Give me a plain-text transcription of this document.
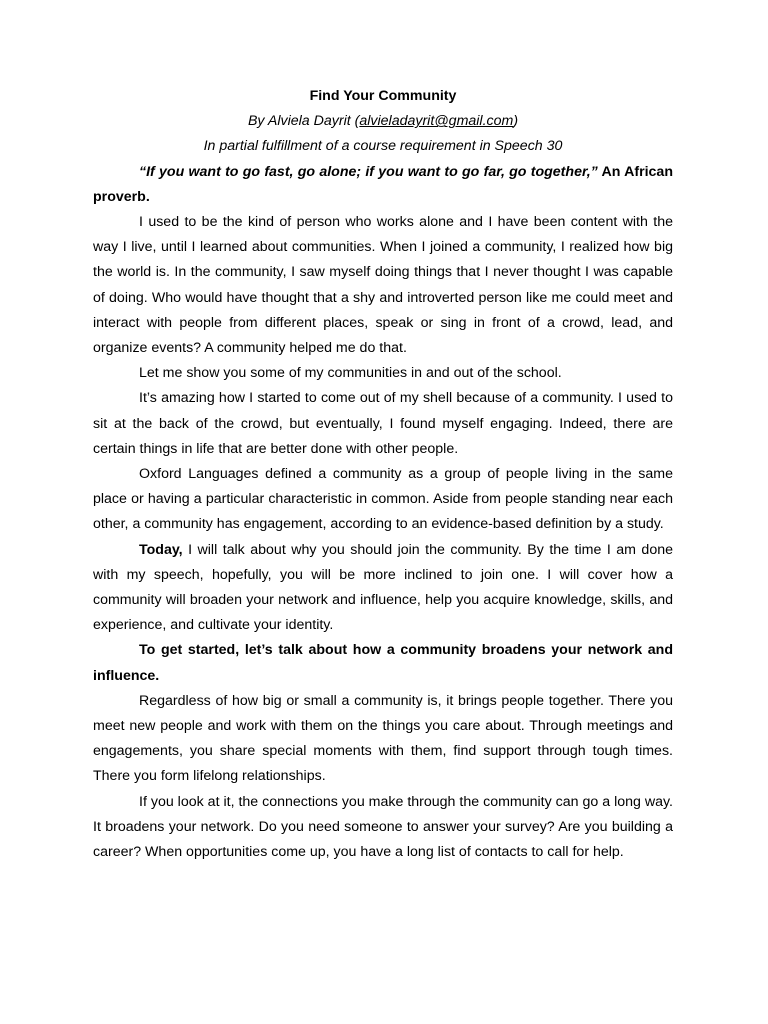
Find Your Community
By Alviela Dayrit (alvieladayrit@gmail.com)
In partial fulfillment of a course requirement in Speech 30

“If you want to go fast, go alone; if you want to go far, go together,” An African proverb.

I used to be the kind of person who works alone and I have been content with the way I live, until I learned about communities. When I joined a community, I realized how big the world is. In the community, I saw myself doing things that I never thought I was capable of doing. Who would have thought that a shy and introverted person like me could meet and interact with people from different places, speak or sing in front of a crowd, lead, and organize events? A community helped me do that.

Let me show you some of my communities in and out of the school.

It’s amazing how I started to come out of my shell because of a community. I used to sit at the back of the crowd, but eventually, I found myself engaging. Indeed, there are certain things in life that are better done with other people.

Oxford Languages defined a community as a group of people living in the same place or having a particular characteristic in common. Aside from people standing near each other, a community has engagement, according to an evidence-based definition by a study.

Today, I will talk about why you should join the community. By the time I am done with my speech, hopefully, you will be more inclined to join one. I will cover how a community will broaden your network and influence, help you acquire knowledge, skills, and experience, and cultivate your identity.

To get started, let’s talk about how a community broadens your network and influence.

Regardless of how big or small a community is, it brings people together. There you meet new people and work with them on the things you care about. Through meetings and engagements, you share special moments with them, find support through tough times. There you form lifelong relationships.

If you look at it, the connections you make through the community can go a long way. It broadens your network. Do you need someone to answer your survey? Are you building a career? When opportunities come up, you have a long list of contacts to call for help.
